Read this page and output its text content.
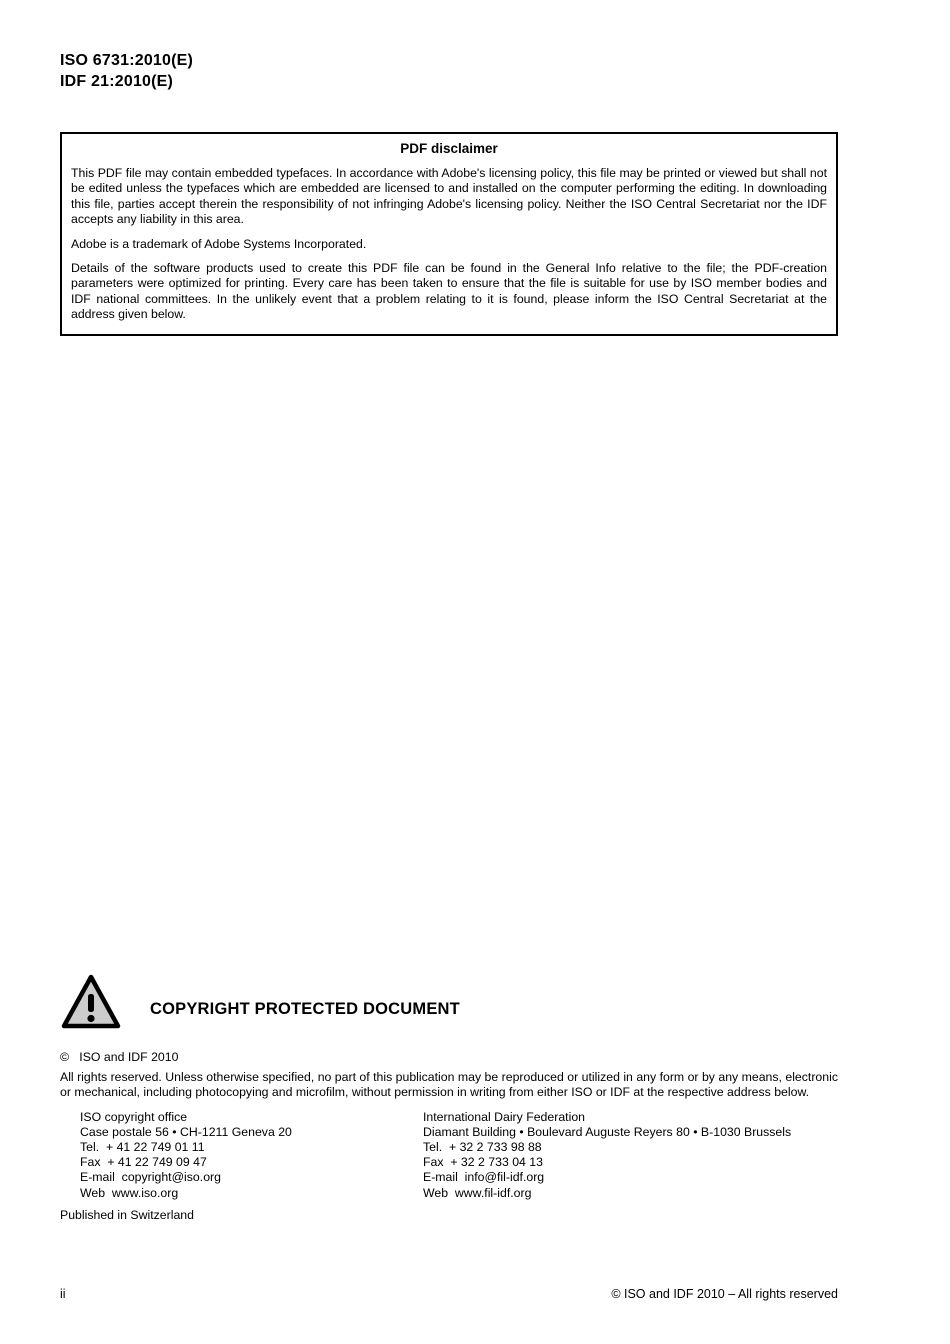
ISO 6731:2010(E)
IDF 21:2010(E)
PDF disclaimer
This PDF file may contain embedded typefaces. In accordance with Adobe's licensing policy, this file may be printed or viewed but shall not be edited unless the typefaces which are embedded are licensed to and installed on the computer performing the editing. In downloading this file, parties accept therein the responsibility of not infringing Adobe's licensing policy. Neither the ISO Central Secretariat nor the IDF accepts any liability in this area.
Adobe is a trademark of Adobe Systems Incorporated.
Details of the software products used to create this PDF file can be found in the General Info relative to the file; the PDF-creation parameters were optimized for printing. Every care has been taken to ensure that the file is suitable for use by ISO member bodies and IDF national committees. In the unlikely event that a problem relating to it is found, please inform the ISO Central Secretariat at the address given below.
COPYRIGHT PROTECTED DOCUMENT
©   ISO and IDF 2010
All rights reserved. Unless otherwise specified, no part of this publication may be reproduced or utilized in any form or by any means, electronic or mechanical, including photocopying and microfilm, without permission in writing from either ISO or IDF at the respective address below.
ISO copyright office
Case postale 56 • CH-1211 Geneva 20
Tel.  + 41 22 749 01 11
Fax  + 41 22 749 09 47
E-mail  copyright@iso.org
Web  www.iso.org
International Dairy Federation
Diamant Building • Boulevard Auguste Reyers 80 • B-1030 Brussels
Tel.  + 32 2 733 98 88
Fax  + 32 2 733 04 13
E-mail  info@fil-idf.org
Web  www.fil-idf.org
Published in Switzerland
ii	© ISO and IDF 2010 – All rights reserved
